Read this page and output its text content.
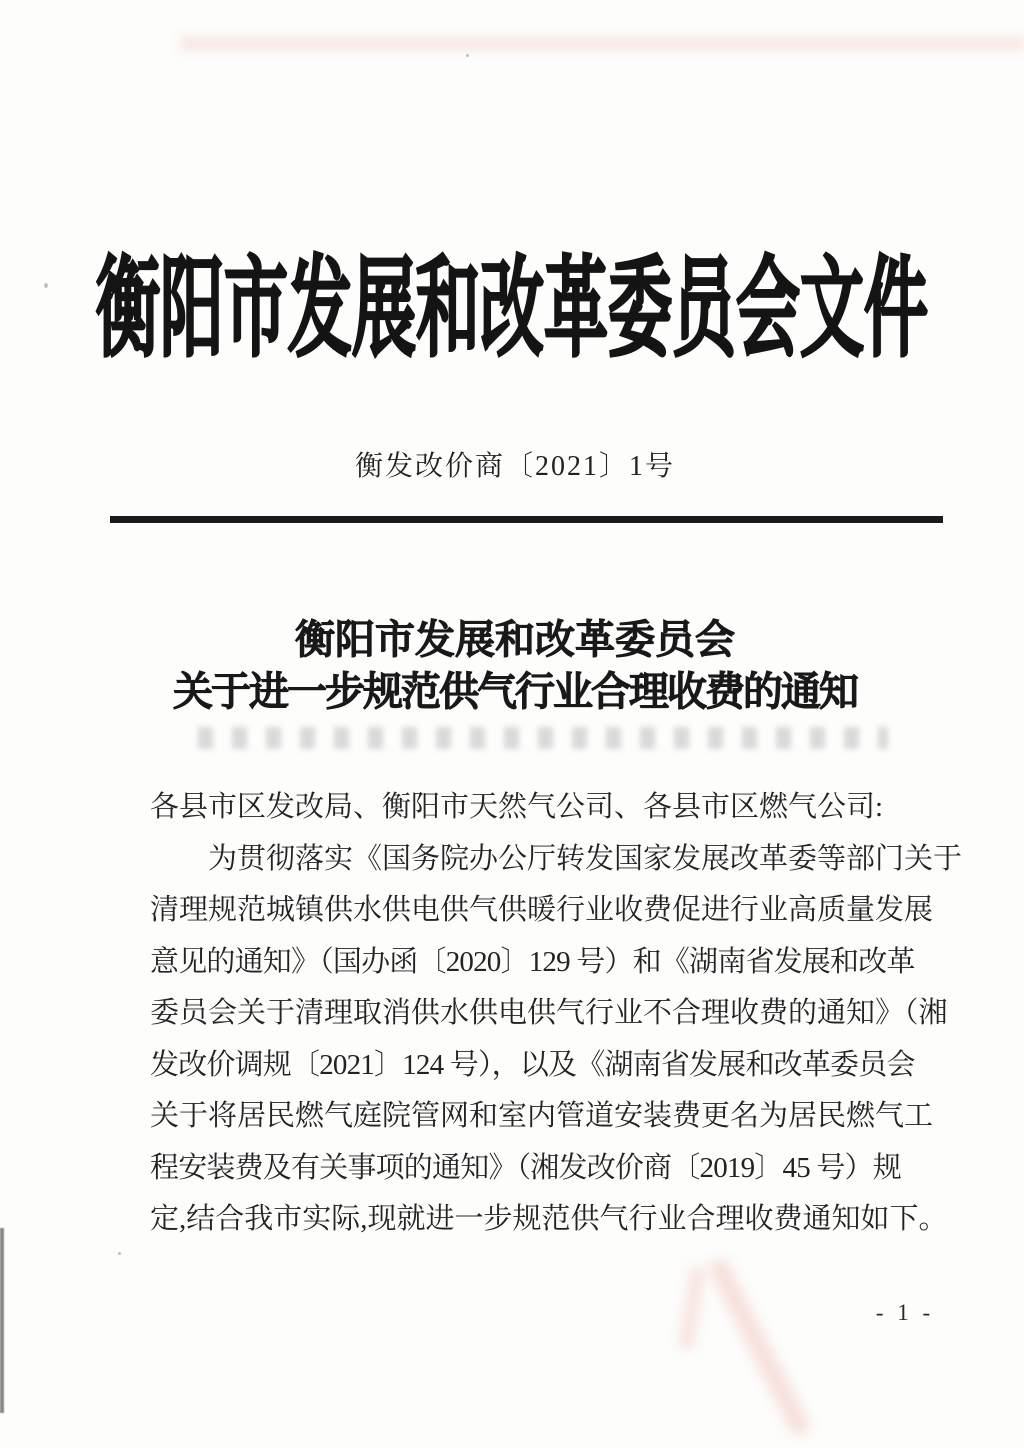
衡阳市发展和改革委员会文件
衡发改价商〔2021〕1号
衡阳市发展和改革委员会
关于进一步规范供气行业合理收费的通知
各县市区发改局、衡阳市天然气公司、各县市区燃气公司:
为贯彻落实《国务院办公厅转发国家发展改革委等部门关于
清理规范城镇供水供电供气供暖行业收费促进行业高质量发展
意见的通知》（国办函〔2020〕129 号）和《湖南省发展和改革
委员会关于清理取消供水供电供气行业不合理收费的通知》（湘
发改价调规〔2021〕124 号），以及《湖南省发展和改革委员会
关于将居民燃气庭院管网和室内管道安装费更名为居民燃气工
程安装费及有关事项的通知》（湘发改价商〔2019〕45 号）规
定,结合我市实际,现就进一步规范供气行业合理收费通知如下。
- 1 -
